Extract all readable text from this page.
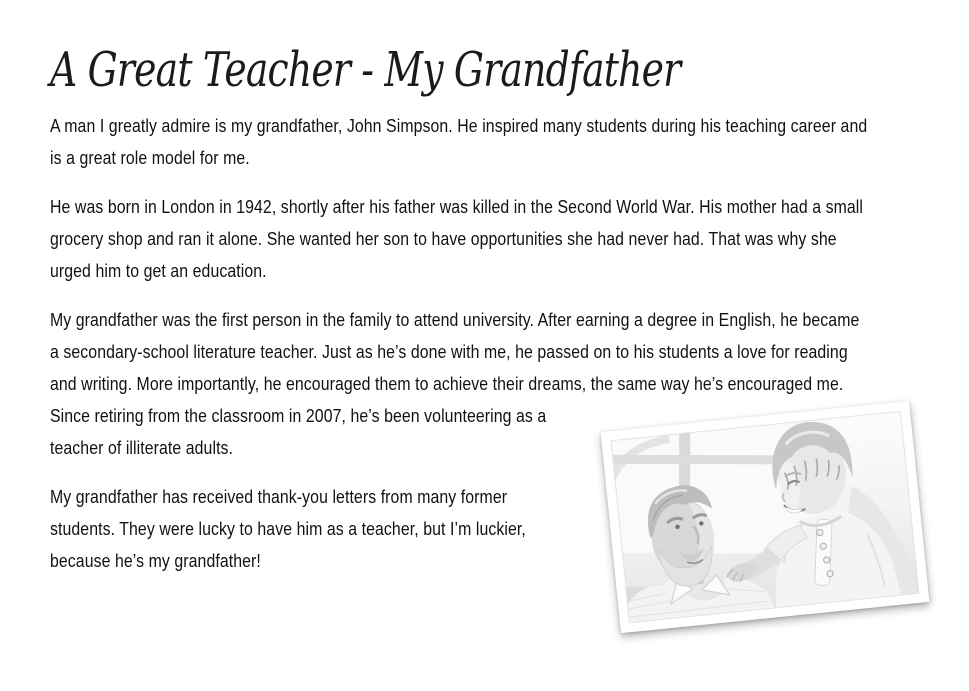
A Great Teacher - My Grandfather

A man I greatly admire is my grandfather, John Simpson. He inspired many students during his teaching career and is a great role model for me.

He was born in London in 1942, shortly after his father was killed in the Second World War. His mother had a small grocery shop and ran it alone. She wanted her son to have opportunities she had never had. That was why she urged him to get an education.

My grandfather was the first person in the family to attend university. After earning a degree in English, he became a secondary-school literature teacher. Just as he’s done with me, he passed on to his students a love for reading and writing. More importantly, he encouraged them to achieve their dreams, the same way he’s encouraged me. Since retiring from the classroom in 2007, he’s been volunteering as a teacher of illiterate adults.

My grandfather has received thank-you letters from many former students. They were lucky to have him as a teacher, but I’m luckier, because he’s my grandfather!
